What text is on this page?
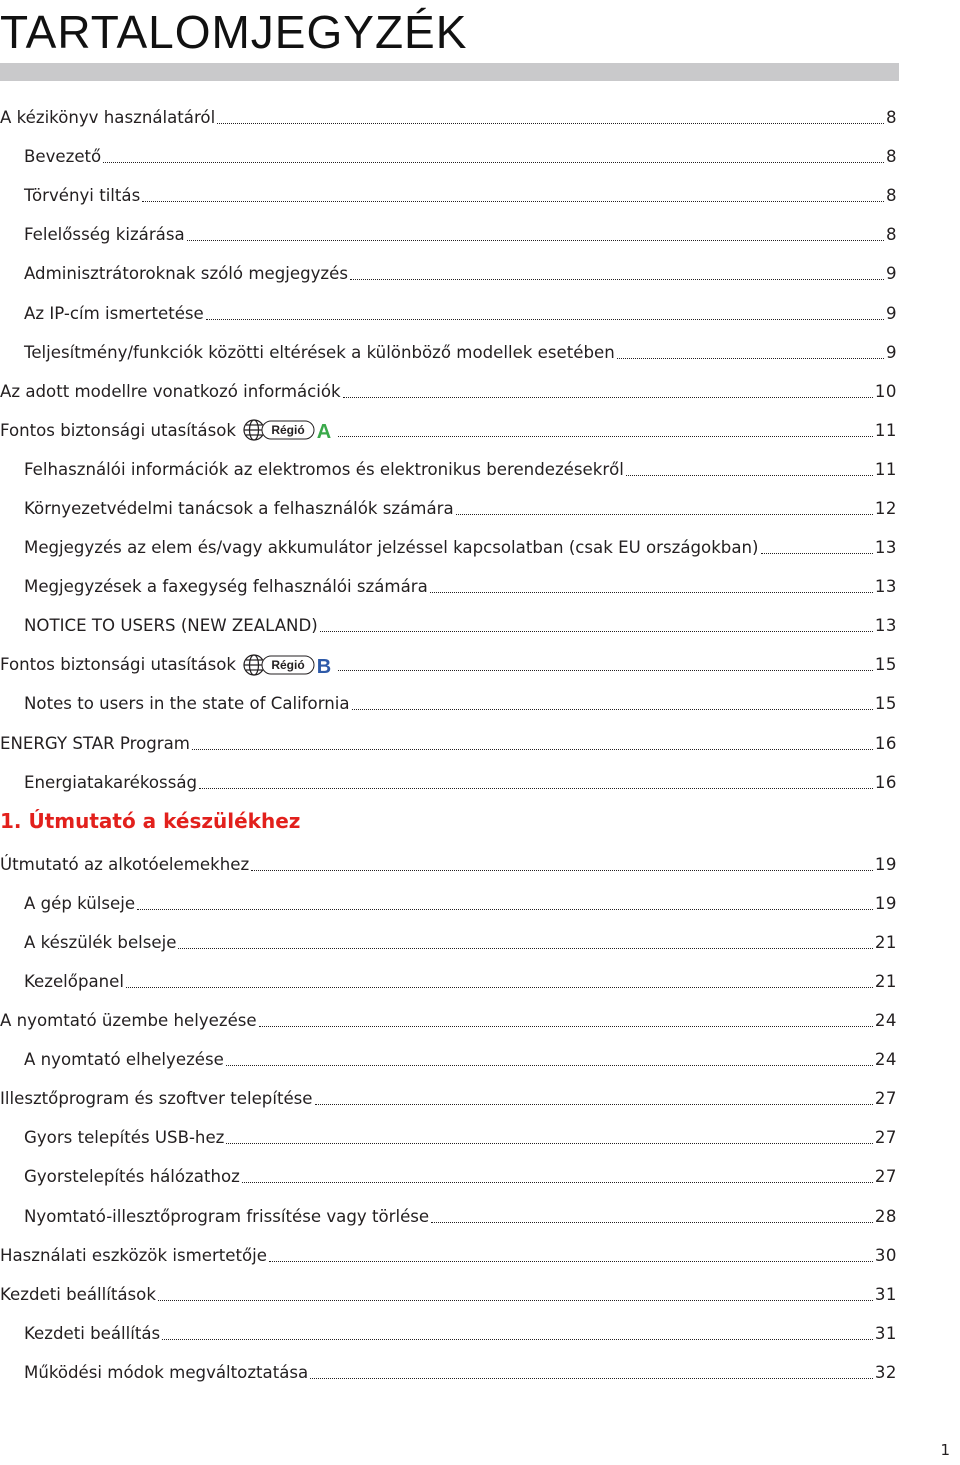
TARTALOMJEGYZÉK
A kézikönyv használatáról	8
Bevezető	8
Törvényi tiltás	8
Felelősség kizárása	8
Adminisztrátoroknak szóló megjegyzés	9
Az IP-cím ismertetése	9
Teljesítmény/funkciók közötti eltérések a különböző modellek esetében	9
Az adott modellre vonatkozó információk	10
Fontos biztonsági utasítások	Régió A	11
Felhasználói információk az elektromos és elektronikus berendezésekről	11
Környezetvédelmi tanácsok a felhasználók számára	12
Megjegyzés az elem és/vagy akkumulátor jelzéssel kapcsolatban (csak EU országokban)	13
Megjegyzések a faxegység felhasználói számára	13
NOTICE TO USERS (NEW ZEALAND)	13
Fontos biztonsági utasítások	Régió B	15
Notes to users in the state of California	15
ENERGY STAR Program	16
Energiatakarékosság	16
1. Útmutató a készülékhez
Útmutató az alkotóelemekhez	19
A gép külseje	19
A készülék belseje	21
Kezelőpanel	21
A nyomtató üzembe helyezése	24
A nyomtató elhelyezése	24
Illesztőprogram és szoftver telepítése	27
Gyors telepítés USB-hez	27
Gyorstelepítés hálózathoz	27
Nyomtató-illesztőprogram frissítése vagy törlése	28
Használati eszközök ismertetője	30
Kezdeti beállítások	31
Kezdeti beállítás	31
Működési módok megváltoztatása	32
1
